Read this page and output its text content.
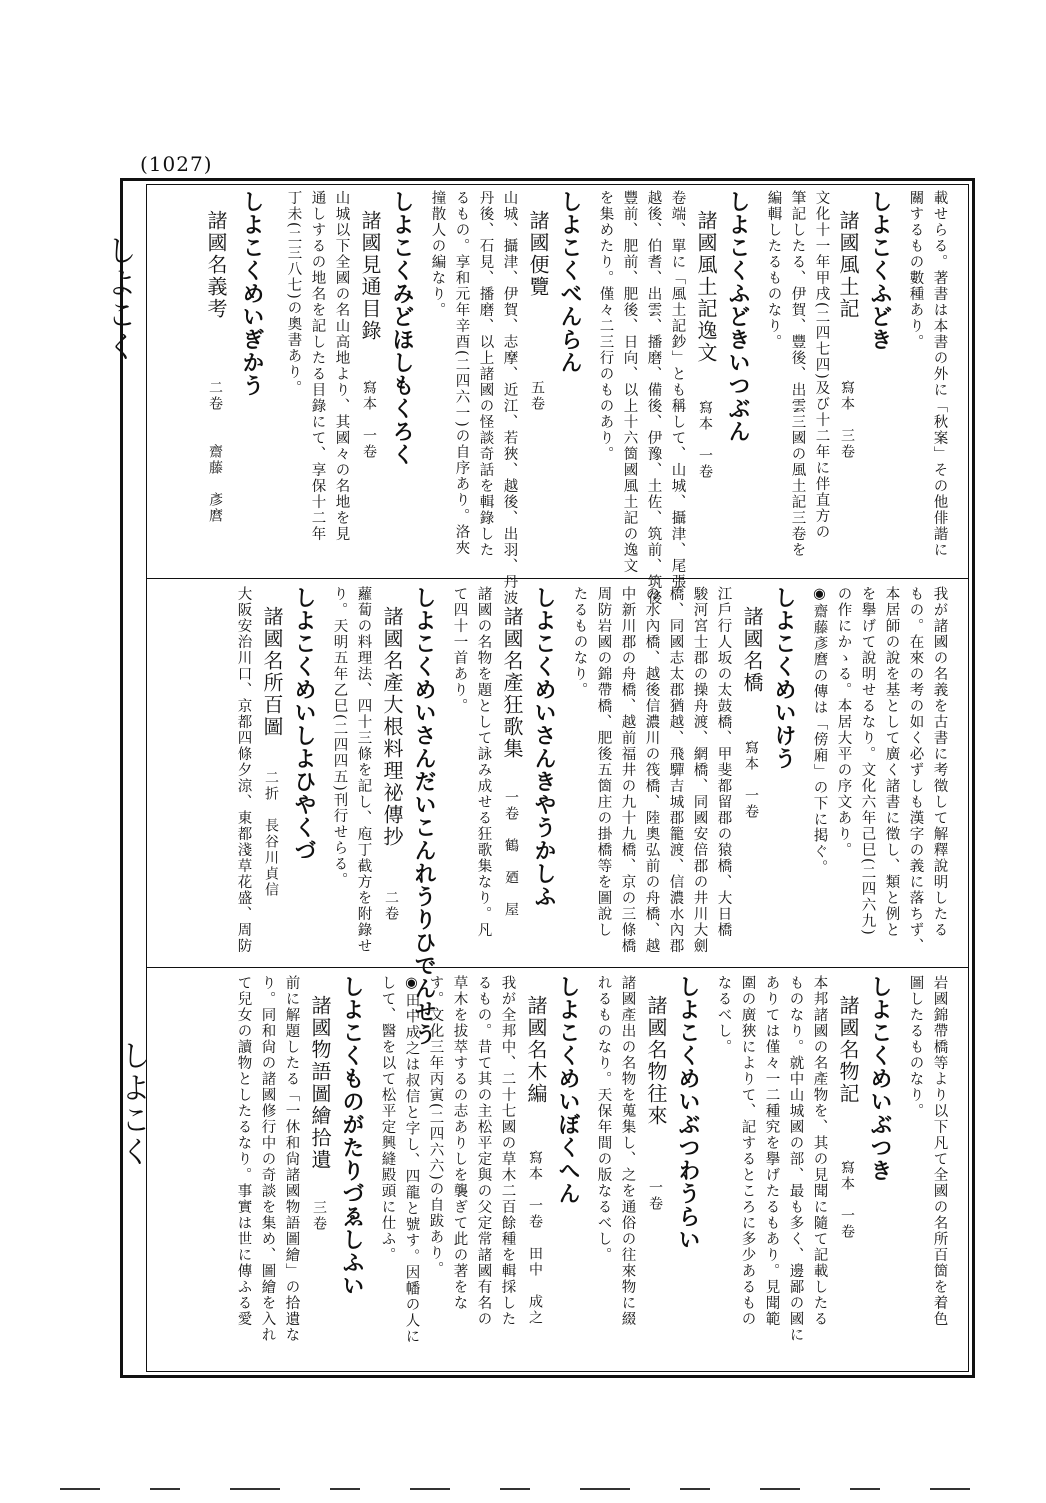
(1027)
しよこく
しよこく
載せらる。著書は本書の外に「秋案」その他俳諧に
關するもの數種あり。
しよこくふどき
諸國風土記
寫本　三卷
文化十一年甲戌(二四七四)及び十二年に伴直方の
筆記したる、伊賀、豐後、出雲三國の風土記三卷を
編輯したるものなり。
しよこくふどきいつぶん
諸國風土記逸文
寫本　一卷
卷端、單に「風土記鈔」とも稱して、山城、攝津、尾張
越後、伯耆、出雲、播磨、備後、伊豫、土佐、筑前、筑後
豐前、肥前、肥後、日向、以上十六箇國風土記の逸文
を集めたり。僅々二三行のものあり。
しよこくべんらん
諸國便覽
五卷
山城、攝津、伊賀、志摩、近江、若狹、越後、出羽、丹波
丹後、石見、播磨、以上諸國の怪談奇話を輯錄した
るもの。享和元年辛酉(二四六一)の自序あり。洛夾
撞散人の編なり。
しよこくみどほしもくろく
諸國見通目錄
寫本　一卷
山城以下全國の名山高地より、其國々の名地を見
通しするの地名を記したる目錄にて、享保十二年
丁未(二三八七)の奧書あり。
しよこくめいぎかう
諸國名義考
二卷　　齋藤　彥麿
我が諸國の名義を古書に考徵して解釋說明したる
もの。在來の考の如く必ずしも漢字の義に落ちず、
本居師の說を基として廣く諸書に徵し、類と例と
を擧げて說明せるなり。文化六年己巳(二四六九)
の作にかゝる。本居大平の序文あり。
◉齋藤彥麿の傳は「傍廂」の下に掲ぐ。
しよこくめいけう
諸國名橋
寫本　一卷
江戶行人坂の太鼓橋、甲斐都留郡の猿橋、大日橋
駿河宮士郡の操舟渡、網橋、同國安倍郡の井川大劍
橋、同國志太郡猶越、飛驒吉城郡籠渡、信濃水內郡
の水內橋、越後信濃川の筏橋、陸奧弘前の舟橋、越
中新川郡の舟橋、越前福井の九十九橋、京の三條橋
周防岩國の錦帶橋、肥後五箇庄の掛橋等を圖說し
たるものなり。
しよこくめいさんきやうかしふ
諸國名產狂歌集
一卷　鶴　廼　屋
諸國の名物を題として詠み成せる狂歌集なり。凡
て四十一首あり。
しよこくめいさんだいこんれうりひでんせう
諸國名產大根料理祕傳抄
二卷
蘿蔔の料理法、四十三條を記し、庖丁截方を附錄せ
り。天明五年乙巳(二四四五)刊行せらる。
しよこくめいしよひやくづ
諸國名所百圖
二折　長谷川貞信
大阪安治川口、京都四條夕涼、東都淺草花盛、周防
岩國錦帶橋等より以下凡て全國の名所百箇を着色
圖したるものなり。
しよこくめいぶつき
諸國名物記
寫本　一卷
本邦諸國の名產物を、其の見聞に隨て記載したる
ものなり。就中山城國の部、最も多く、邊鄙の國に
ありては僅々一二種究を擧げたるもあり。見聞範
圍の廣狹によりて、記するところに多少あるもの
なるべし。
しよこくめいぶつわうらい
諸國名物往來
一卷
諸國產出の名物を蒐集し、之を通俗の往來物に綴
れるものなり。天保年間の版なるべし。
しよこくめいぼくへん
諸國名木編
寫本　一卷　田中　成之
我が全邦中、二十七國の草木二百餘種を輯採した
るもの。昔て其の主松平定與の父定常諸國有名の
草木を拔萃するの志ありしを襲ぎて此の著をな
す。文化三年丙寅(二四六六)の自跋あり。
◉田中成之は叔信と字し、四龍と號す。因幡の人に
して、醫を以て松平定興縫殿頭に仕ふ。
しよこくものがたりづゑしふい
諸國物語圖繪拾遺
三卷
前に解題したる「一休和尙諸國物語圖繪」の拾遺な
り。同和尙の諸國修行中の奇談を集め、圖繪を入れ
て兒女の讀物としたるなり。事實は世に傳ふる愛
